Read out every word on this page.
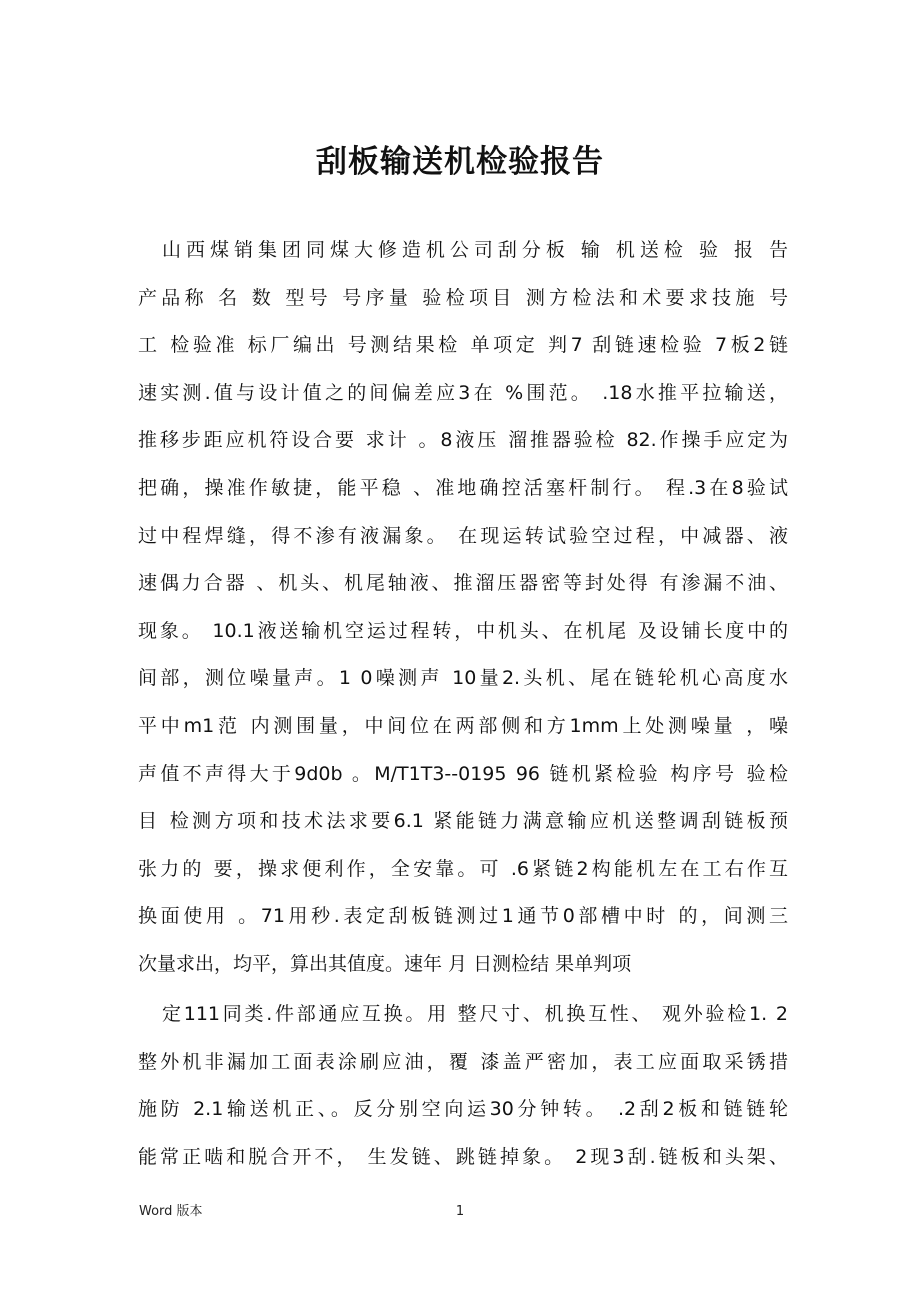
刮板输送机检验报告
山西煤销集团同煤大修造机公司刮分板 输 机送检 验 报 告
产品称 名 数 型号 号序量 验检项目 测方检法和术要求技施 号
工 检验准 标厂编出 号测结果检 单项定 判7 刮链速检验 7板2链
速实测.值与设计值之的间偏差应3在 %围范。 .18水推平拉输送，
推移步距应机符设合要 求计 。8液压 溜推器验检 82.作操手应定为
把确，操准作敏捷，能平稳 、准地确控活塞杆制行。 程.3在8验试
过中程焊缝，得不渗有液漏象。 在现运转试验空过程，中减器、液
速偶力合器 、机头、机尾轴液、推溜压器密等封处得 有渗漏不油、
现象。 10.1液送输机空运过程转，中机头、在机尾 及设铺长度中的
间部，测位噪量声。1 0噪测声 10量2.头机、尾在链轮机心高度水
平中m1范 内测围量，中间位在两部侧和方1mm上处测噪量 ，噪
声值不声得大于9d0b 。M/T1T3--0195 96 链机紧检验 构序号 验检
目 检测方项和技术法求要6.1 紧能链力满意输应机送整调刮链板预
张力的 要，操求便利作，全安靠。可 .6紧链2构能机左在工右作互
换面使用 。71用秒.表定刮板链测过1通节0部槽中时 的，间测三
次量求出，均平，算出其值度。速年 月 日测检结 果单判项
定111同类.件部通应互换。用 整尺寸、机换互性、 观外验检1. 2
整外机非漏加工面表涂刷应油，覆 漆盖严密加，表工应面取采锈措
施防 2.1输送机正、。反分别空向运30分钟转。 .2刮2板和链链轮
能常正啮和脱合开不， 生发链、跳链掉象。 2现3刮.链板和头架、
Word 版本	1
